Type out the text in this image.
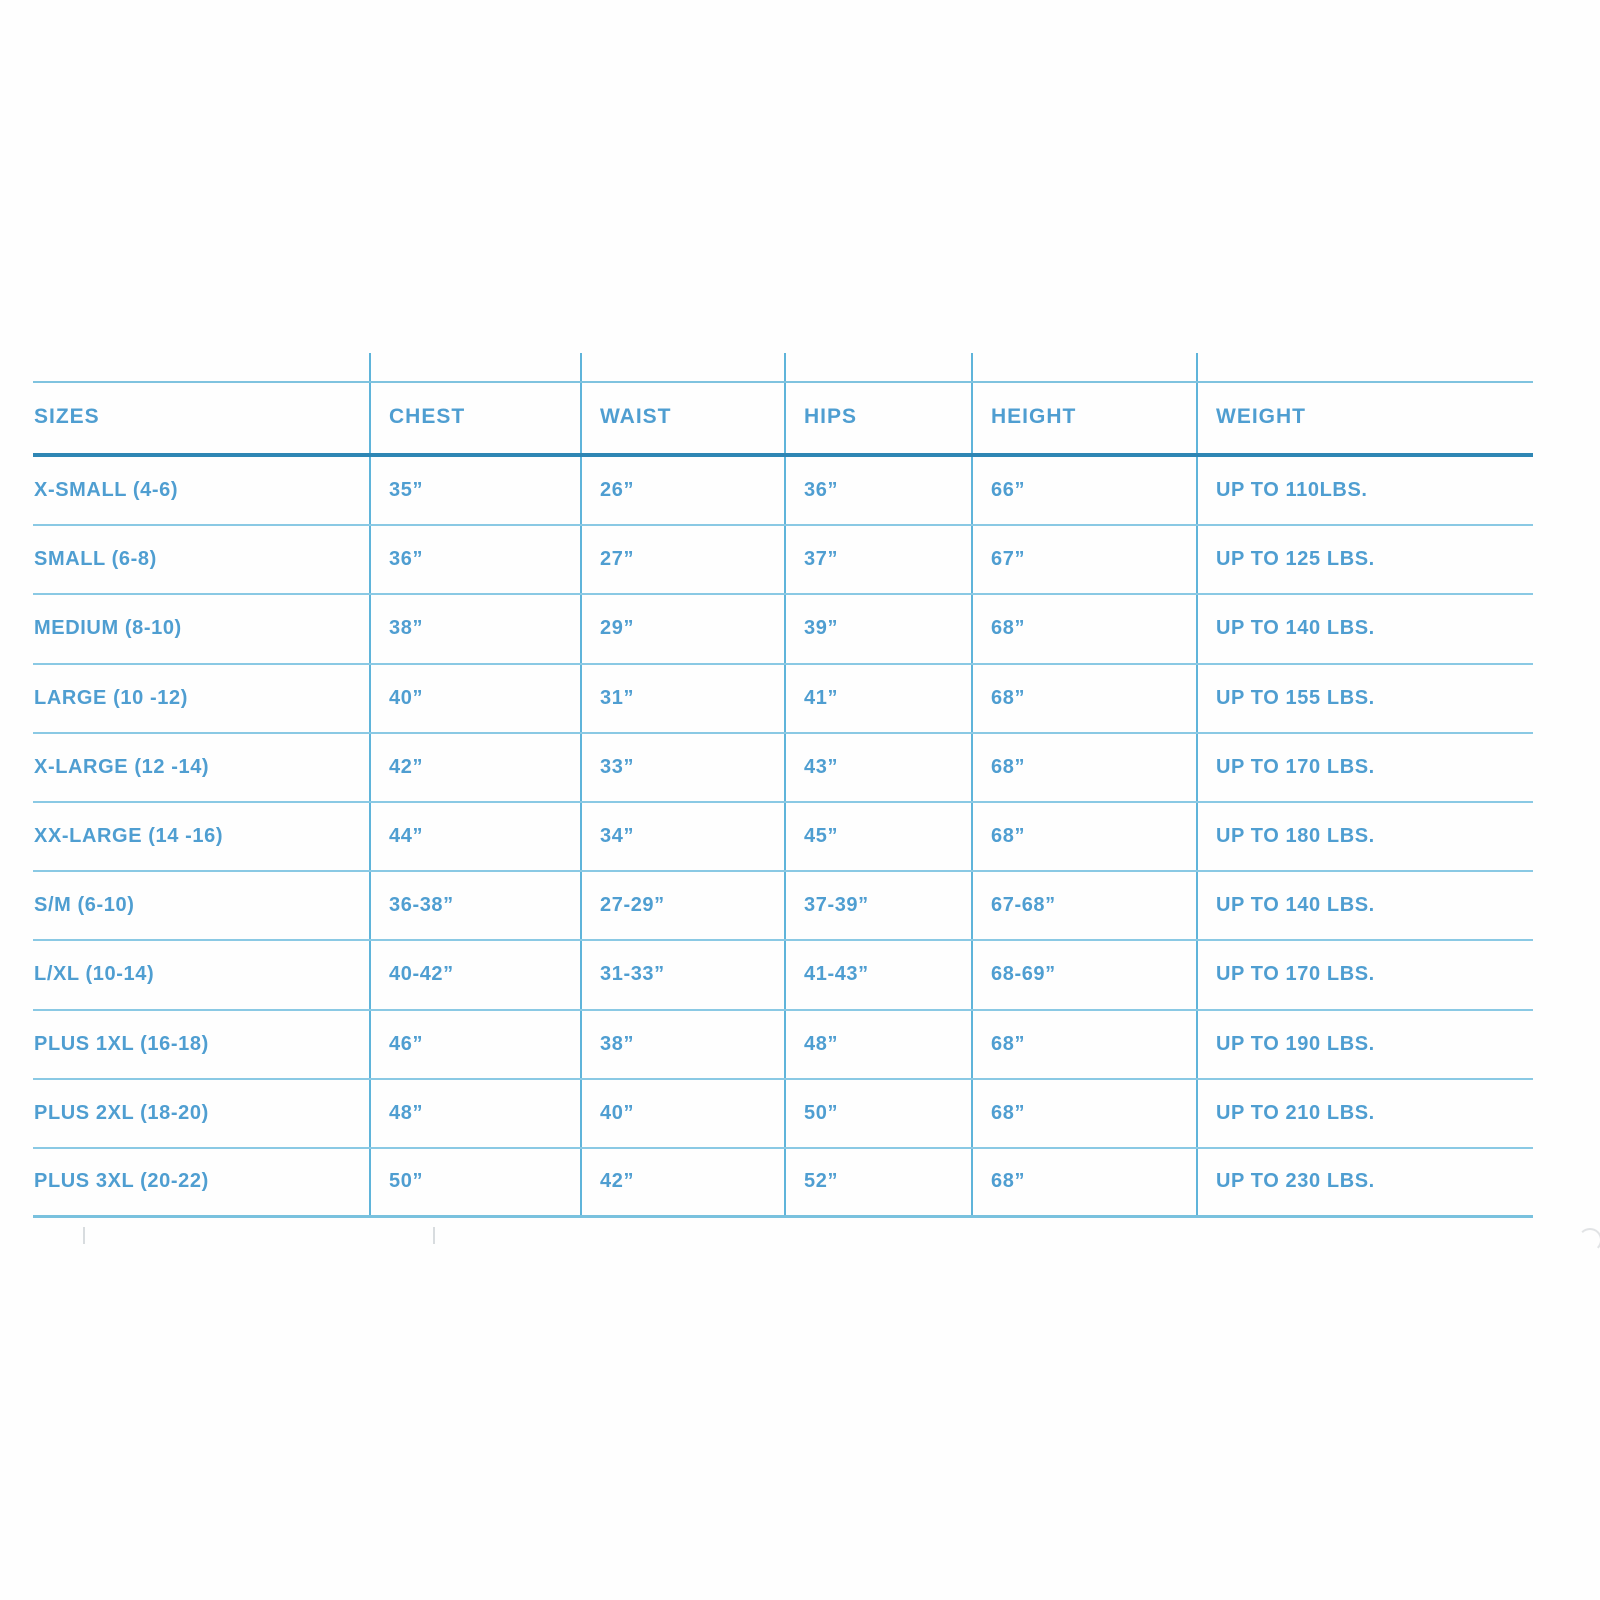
SIZES	CHEST	WAIST	HIPS	HEIGHT	WEIGHT
X-SMALL (4-6)	35”	26”	36”	66”	UP TO 110LBS.
SMALL (6-8)	36”	27”	37”	67”	UP TO 125 LBS.
MEDIUM (8-10)	38”	29”	39”	68”	UP TO 140 LBS.
LARGE (10 -12)	40”	31”	41”	68”	UP TO 155 LBS.
X-LARGE (12 -14)	42”	33”	43”	68”	UP TO 170 LBS.
XX-LARGE (14 -16)	44”	34”	45”	68”	UP TO 180 LBS.
S/M (6-10)	36-38”	27-29”	37-39”	67-68”	UP TO 140 LBS.
L/XL (10-14)	40-42”	31-33”	41-43”	68-69”	UP TO 170 LBS.
PLUS 1XL (16-18)	46”	38”	48”	68”	UP TO 190 LBS.
PLUS 2XL (18-20)	48”	40”	50”	68”	UP TO 210 LBS.
PLUS 3XL (20-22)	50”	42”	52”	68”	UP TO 230 LBS.
